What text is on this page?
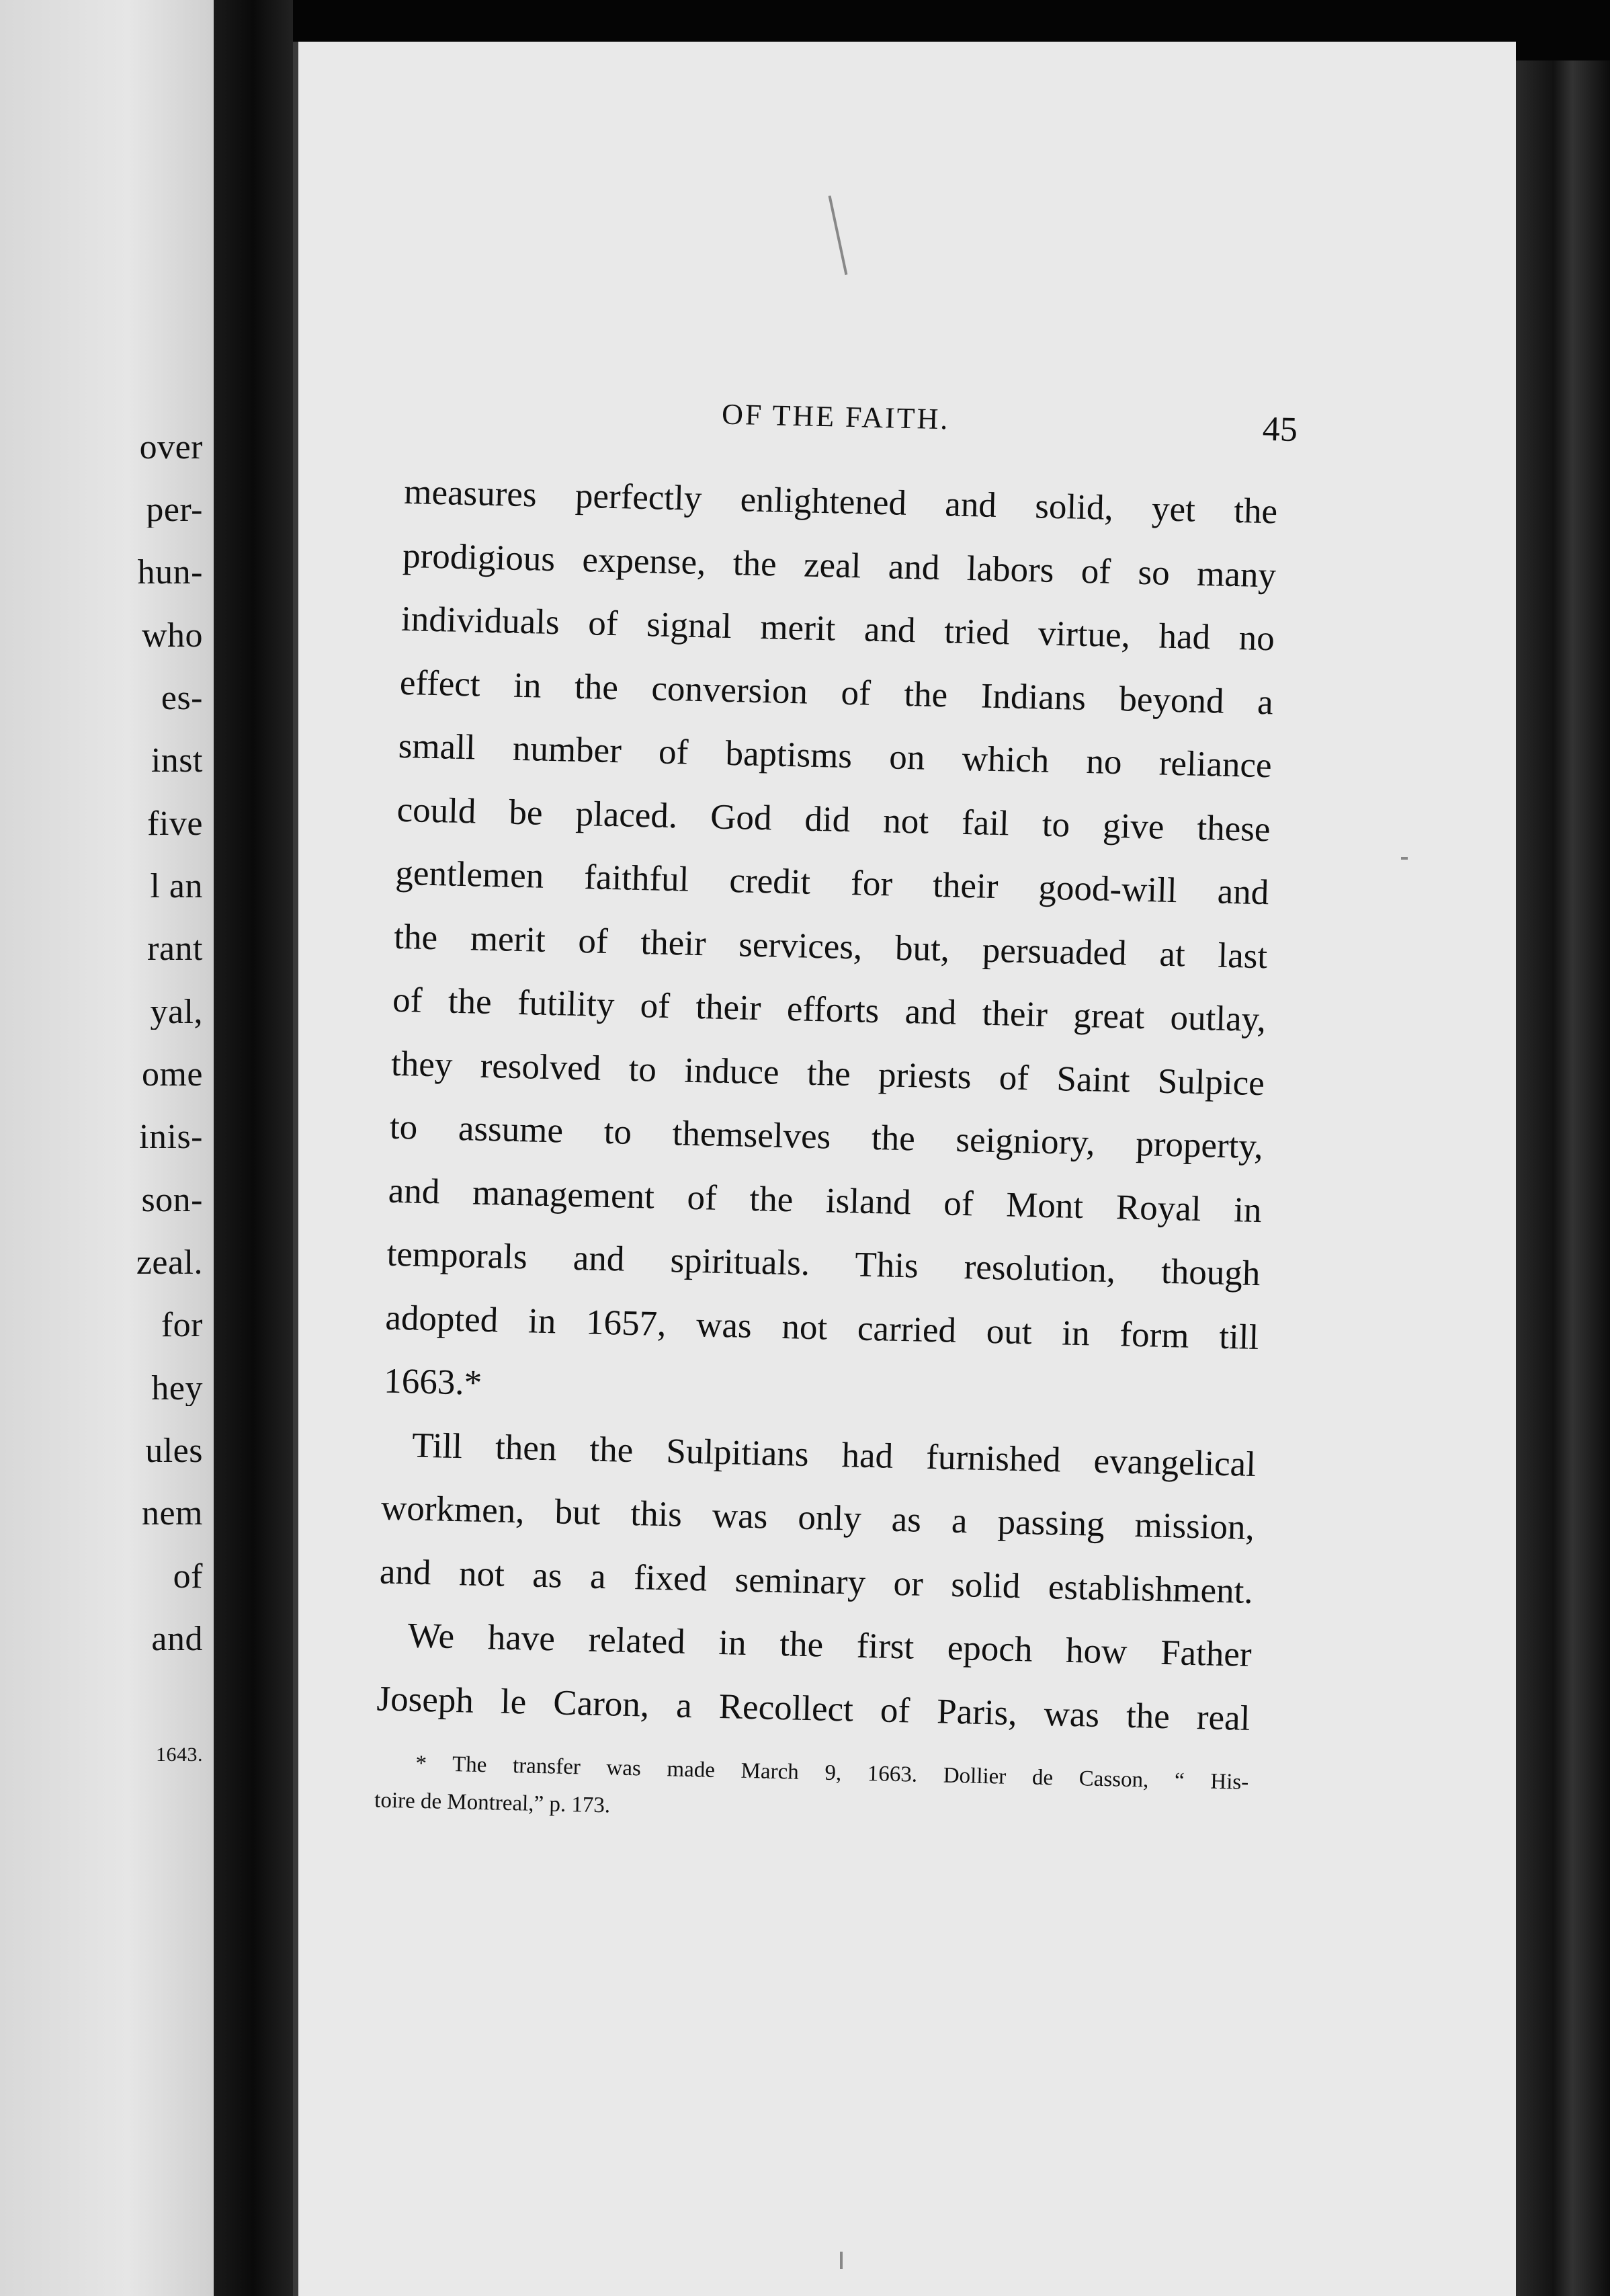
over
per-
hun-
who
es-
inst
five
l an
rant
yal,
ome
inis-
son-
zeal.
for
hey
ules
nem
of
and
1643.
OF THE FAITH.	45
measures perfectly enlightened and solid, yet the
prodigious expense, the zeal and labors of so many
individuals of signal merit and tried virtue, had no
effect in the conversion of the Indians beyond a
small number of baptisms on which no reliance
could be placed. God did not fail to give these
gentlemen faithful credit for their good-will and
the merit of their services, but, persuaded at last
of the futility of their efforts and their great outlay,
they resolved to induce the priests of Saint Sulpice
to assume to themselves the seigniory, property,
and management of the island of Mont Royal in
temporals and spirituals. This resolution, though
adopted in 1657, was not carried out in form till
1663.*
Till then the Sulpitians had furnished evangelical
workmen, but this was only as a passing mission,
and not as a fixed seminary or solid establishment.
We have related in the first epoch how Father
Joseph le Caron, a Recollect of Paris, was the real
* The transfer was made March 9, 1663. Dollier de Casson, “ His-
toire de Montreal,” p. 173.
